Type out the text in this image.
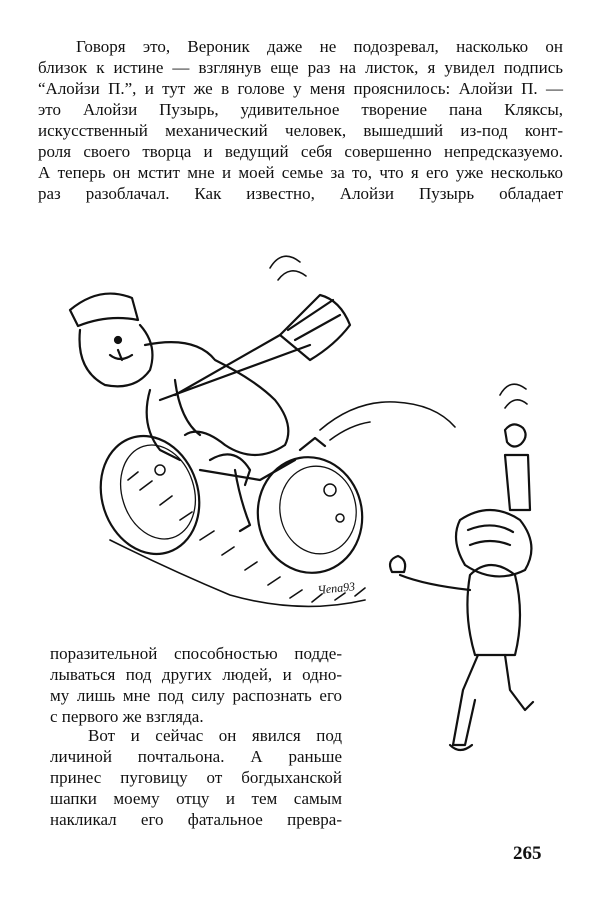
Говоря это, Вероник даже не подозревал, насколько он
близок к истине — взглянув еще раз на листок, я увидел подпись
“Алойзи П.”, и тут же в голове у меня прояснилось: Алойзи П. —
это Алойзи Пузырь, удивительное творение пана Кляксы,
искусственный механический человек, вышедший из-под конт-
роля своего творца и ведущий себя совершенно непредсказуемо.
А теперь он мстит мне и моей семье за то, что я его уже несколько
раз разоблачал. Как известно, Алойзи Пузырь обладает
Чепа93
поразительной способностью подде-
лываться под других людей, и одно-
му лишь мне под силу распознать его
с первого же взгляда.
Вот и сейчас он явился под
личиной почтальона. А раньше
принес пуговицу от богдыханской
шапки моему отцу и тем самым
накликал его фатальное превра-
265
